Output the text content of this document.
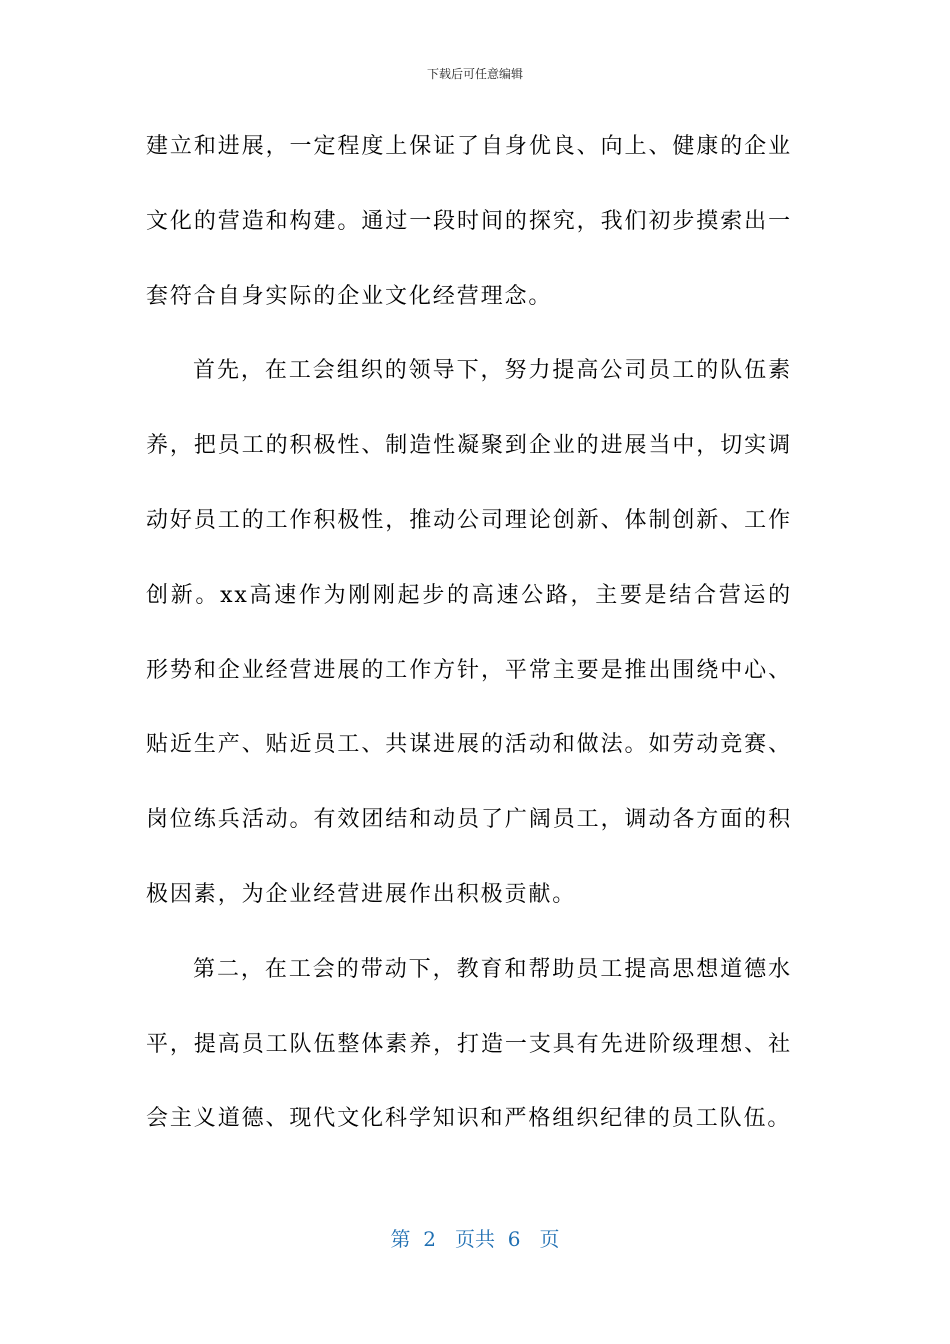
下载后可任意编辑

建立和进展，一定程度上保证了自身优良、向上、健康的企业文化的营造和构建。通过一段时间的探究，我们初步摸索出一套符合自身实际的企业文化经营理念。

首先，在工会组织的领导下，努力提高公司员工的队伍素养，把员工的积极性、制造性凝聚到企业的进展当中，切实调动好员工的工作积极性，推动公司理论创新、体制创新、工作创新。xx高速作为刚刚起步的高速公路，主要是结合营运的形势和企业经营进展的工作方针，平常主要是推出围绕中心、贴近生产、贴近员工、共谋进展的活动和做法。如劳动竞赛、岗位练兵活动。有效团结和动员了广阔员工，调动各方面的积极因素，为企业经营进展作出积极贡献。

第二，在工会的带动下，教育和帮助员工提高思想道德水平，提高员工队伍整体素养，打造一支具有先进阶级理想、社会主义道德、现代文化科学知识和严格组织纪律的员工队伍。

第  2   页共  6   页
